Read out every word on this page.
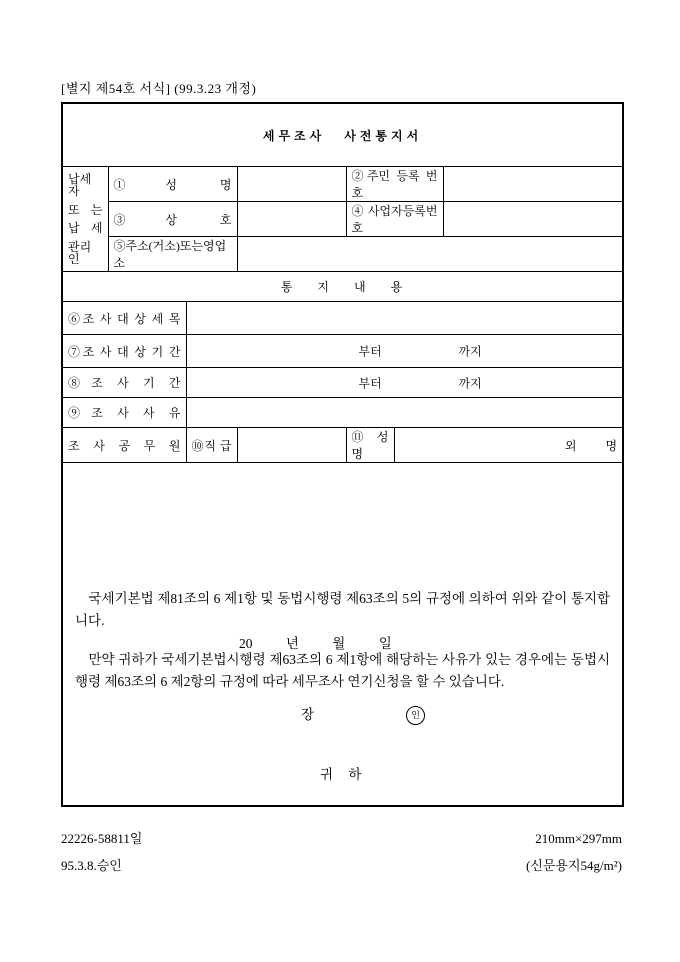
[별지 제54호 서식] (99.3.23 개정)
세무조사 사전통지서						

납세자
또 는
납 세
관리인	①성 명			②주민 등록 번호		
	③상 호			④사업자등록번호		
	⑤주소(거소)또는영업소					
통 지 내 용						
⑥조 사 대 상 세 목						
⑦조 사 대 상 기 간		부터 까지				

⑧조 사 기 간		부터 까지				

⑨조 사 사 유						
조 사 공 무 원		⑩직 급		⑪성 명	외 명	

국세기본법 제81조의 6 제1항 및 동법시행령 제63조의 5의 규정에 의하여 위와 같이 통지합니다.

만약 귀하가 국세기본법시행령 제63조의 6 제1항에 해당하는 사유가 있는 경우에는 동법시행령 제63조의 6 제2항의 규정에 따라 세무조사 연기신청을 할 수 있습니다.

20 년 월 일
장 인
귀 하						
22226-58811일	210mm×297mm
95.3.8.승인	(신문용지54g/m²)
